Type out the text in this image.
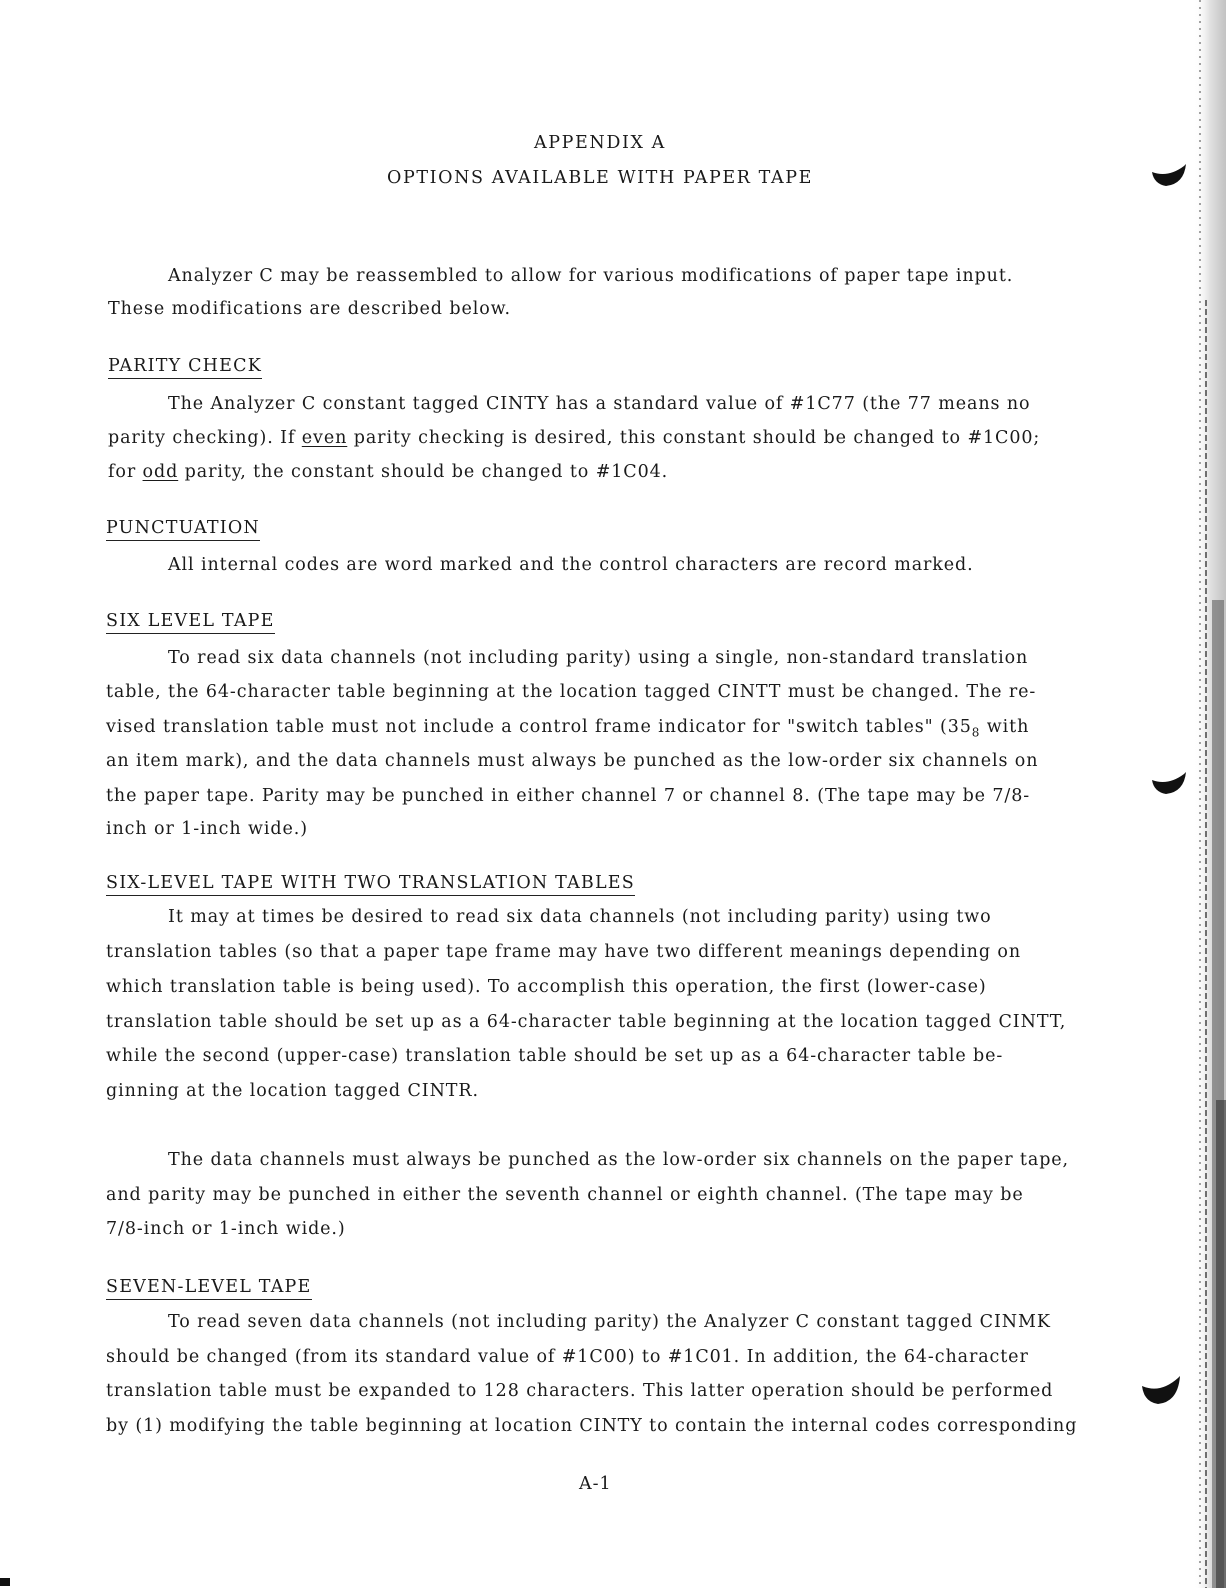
APPENDIX A
OPTIONS AVAILABLE WITH PAPER TAPE
Analyzer C may be reassembled to allow for various modifications of paper tape input.
These modifications are described below.
PARITY CHECK
The Analyzer C constant tagged CINTY has a standard value of #1C77 (the 77 means no
parity checking). If even parity checking is desired, this constant should be changed to #1C00;
for odd parity, the constant should be changed to #1C04.
PUNCTUATION
All internal codes are word marked and the control characters are record marked.
SIX LEVEL TAPE
To read six data channels (not including parity) using a single, non-standard translation
table, the 64-character table beginning at the location tagged CINTT must be changed. The re-
vised translation table must not include a control frame indicator for "switch tables" ($35_8$ with
an item mark), and the data channels must always be punched as the low-order six channels on
the paper tape. Parity may be punched in either channel 7 or channel 8. (The tape may be 7/8-
inch or 1-inch wide.)
SIX-LEVEL TAPE WITH TWO TRANSLATION TABLES
It may at times be desired to read six data channels (not including parity) using two
translation tables (so that a paper tape frame may have two different meanings depending on
which translation table is being used). To accomplish this operation, the first (lower-case)
translation table should be set up as a 64-character table beginning at the location tagged CINTT,
while the second (upper-case) translation table should be set up as a 64-character table be-
ginning at the location tagged CINTR.
The data channels must always be punched as the low-order six channels on the paper tape,
and parity may be punched in either the seventh channel or eighth channel. (The tape may be
7/8-inch or 1-inch wide.)
SEVEN-LEVEL TAPE
To read seven data channels (not including parity) the Analyzer C constant tagged CINMK
should be changed (from its standard value of #1C00) to #1C01. In addition, the 64-character
translation table must be expanded to 128 characters. This latter operation should be performed
by (1) modifying the table beginning at location CINTY to contain the internal codes corresponding
A-1
